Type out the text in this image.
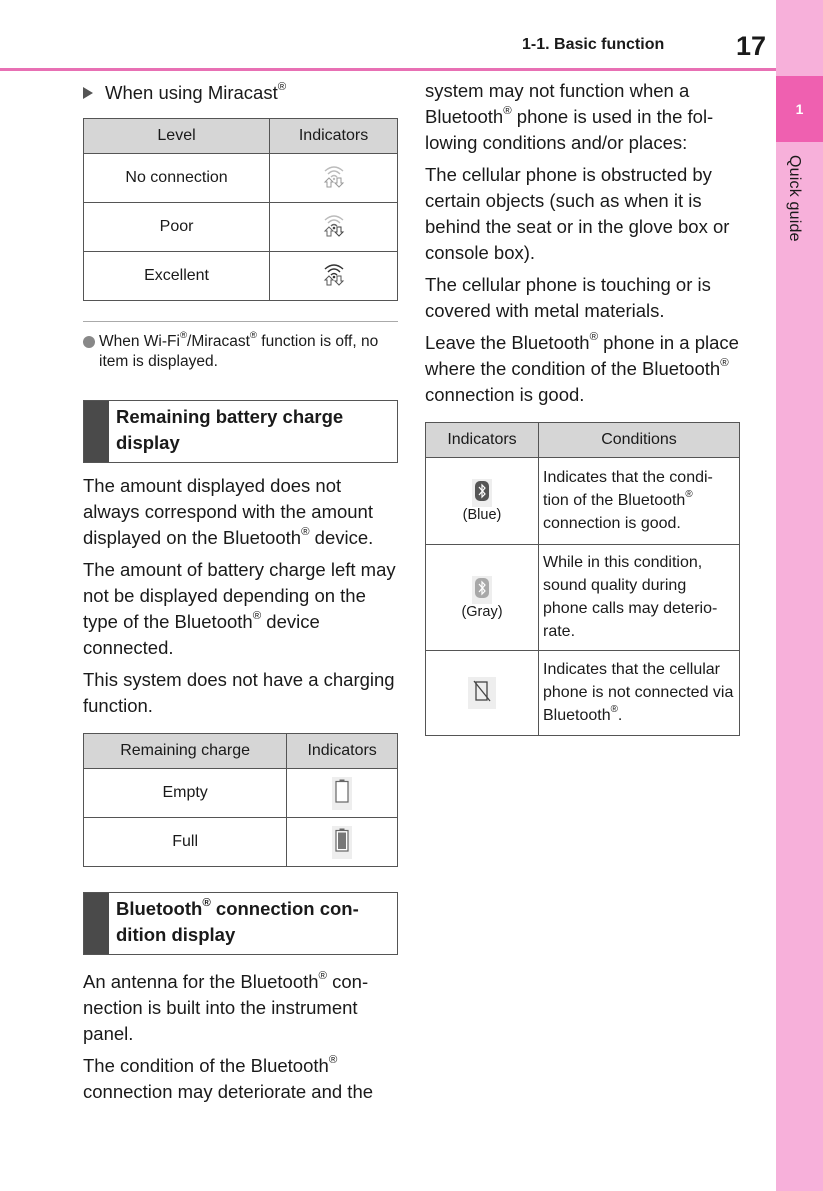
1-1. Basic function	17
1
Quick guide
When using Miracast®
Level	Indicators
No connection	
Poor	
Excellent	
When Wi-Fi®/Miracast® function is off, no item is displayed.
Remaining battery charge display

The amount displayed does not always correspond with the amount displayed on the Bluetooth® device.

The amount of battery charge left may not be displayed depending on the type of the Bluetooth® device connected.

This system does not have a charging function.

Remaining charge	Indicators
Empty	
Full	
Bluetooth® connection con-dition display

An antenna for the Bluetooth® con-nection is built into the instrument panel.

The condition of the Bluetooth® connection may deteriorate and the

system may not function when a Bluetooth® phone is used in the fol-lowing conditions and/or places:

The cellular phone is obstructed by certain objects (such as when it is behind the seat or in the glove box or console box).

The cellular phone is touching or is covered with metal materials.

Leave the Bluetooth® phone in a place where the condition of the Bluetooth® connection is good.

Indicators	Conditions

(Blue)	Indicates that the condi-tion of the Bluetooth® connection is good.

(Gray)	While in this condition, sound quality during phone calls may deterio-rate.
	Indicates that the cellular phone is not connected via Bluetooth®.
